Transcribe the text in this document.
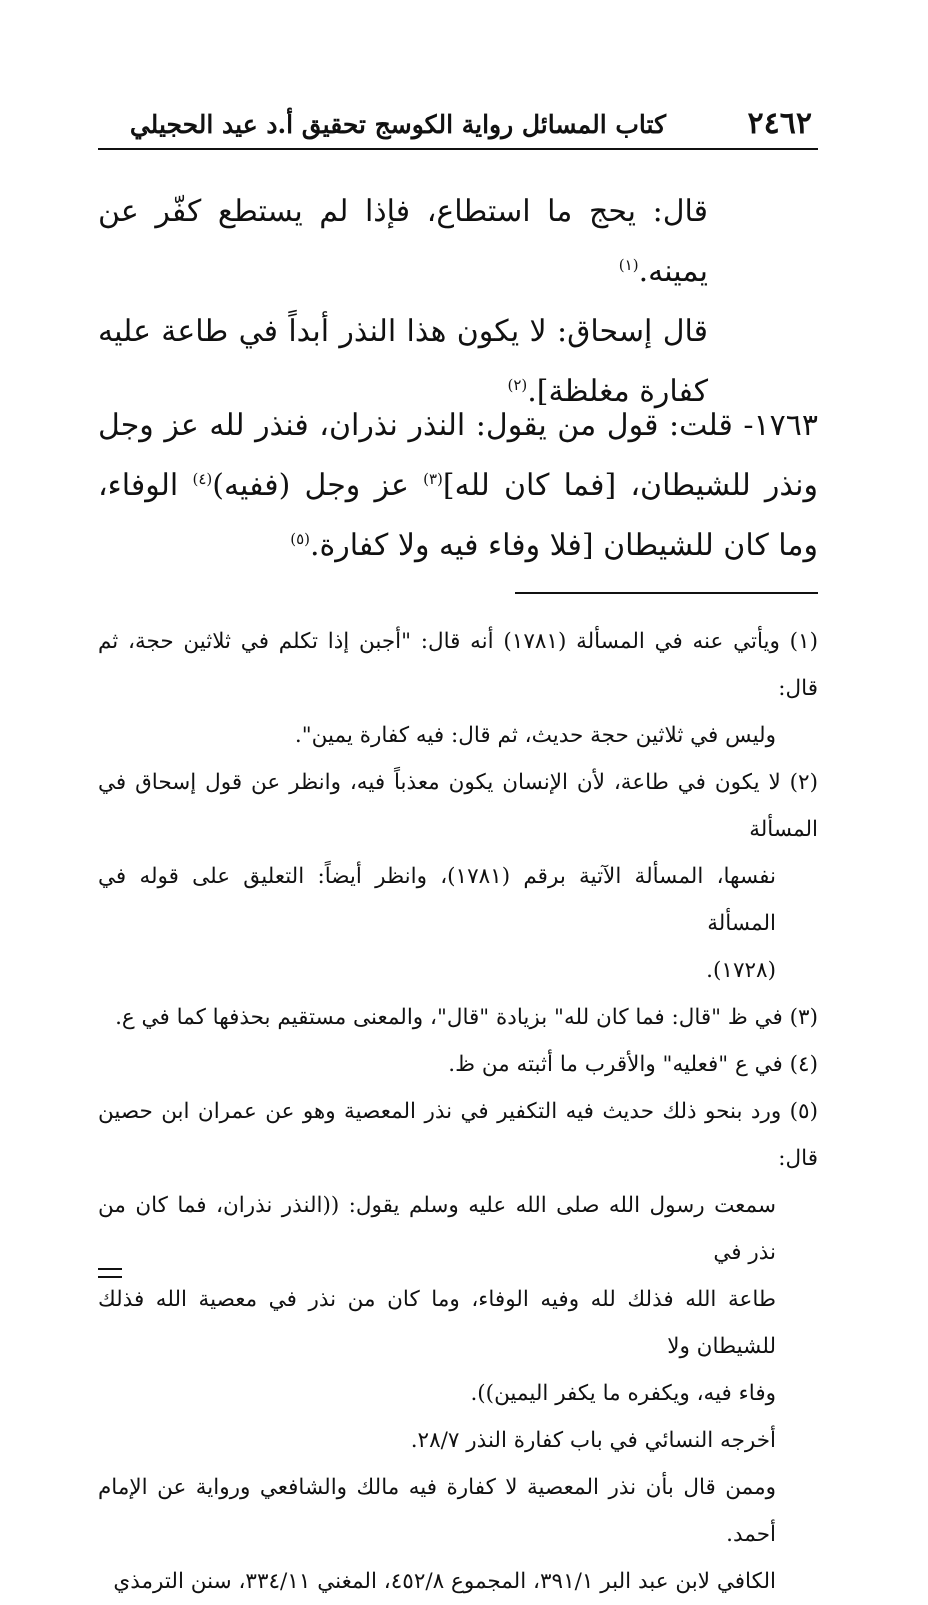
٢٤٦٢
كتاب المسائل رواية الكوسج تحقيق أ.د عيد الحجيلي

قال: يحج ما استطاع، فإذا لم يستطع كفّر عن يمينه.$^{(١)}$

قال إسحاق: لا يكون هذا النذر أبداً في طاعة عليه كفارة مغلظة].$^{(٢)}$

١٧٦٣- قلت: قول من يقول: النذر نذران، فنذر لله عز وجل ونذر للشيطان، [فما كان لله]$^{(٣)}$ عز وجل (ففيه)$^{(٤)}$ الوفاء، وما كان للشيطان [فلا وفاء فيه ولا كفارة.$^{(٥)}$

(١) ويأتي عنه في المسألة (١٧٨١) أنه قال: "أجبن إذا تكلم في ثلاثين حجة، ثم قال:

وليس في ثلاثين حجة حديث، ثم قال: فيه كفارة يمين".

(٢) لا يكون في طاعة، لأن الإنسان يكون معذباً فيه، وانظر عن قول إسحاق في المسألة

نفسها، المسألة الآتية برقم (١٧٨١)، وانظر أيضاً: التعليق على قوله في المسألة

(١٧٢٨).

(٣) في ظ "قال: فما كان لله" بزيادة "قال"، والمعنى مستقيم بحذفها كما في ع.

(٤) في ع "فعليه" والأقرب ما أثبته من ظ.

(٥) ورد بنحو ذلك حديث فيه التكفير في نذر المعصية وهو عن عمران ابن حصين قال:

سمعت رسول الله صلى الله عليه وسلم يقول: ((النذر نذران، فما كان من نذر في

طاعة الله فذلك لله وفيه الوفاء، وما كان من نذر في معصية الله فذلك للشيطان ولا

وفاء فيه، ويكفره ما يكفر اليمين)).

أخرجه النسائي في باب كفارة النذر ٢٨/٧.

وممن قال بأن نذر المعصية لا كفارة فيه مالك والشافعي ورواية عن الإمام أحمد.

الكافي لابن عبد البر ٣٩١/١، المجموع ٤٥٢/٨، المغني ٣٣٤/١١، سنن الترمذي
